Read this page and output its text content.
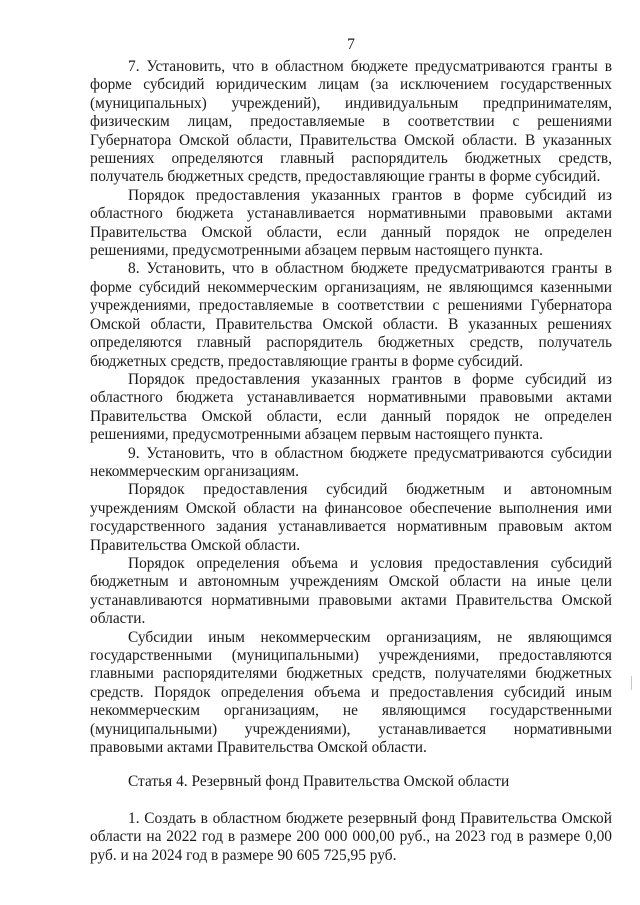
7

7. Установить, что в областном бюджете предусматриваются гранты в форме субсидий юридическим лицам (за исключением государственных (муниципальных) учреждений), индивидуальным предпринимателям, физическим лицам, предоставляемые в соответствии с решениями Губернатора Омской области, Правительства Омской области. В указанных решениях определяются главный распорядитель бюджетных средств, получатель бюджетных средств, предоставляющие гранты в форме субсидий.

Порядок предоставления указанных грантов в форме субсидий из областного бюджета устанавливается нормативными правовыми актами Правительства Омской области, если данный порядок не определен решениями, предусмотренными абзацем первым настоящего пункта.

8. Установить, что в областном бюджете предусматриваются гранты в форме субсидий некоммерческим организациям, не являющимся казенными учреждениями, предоставляемые в соответствии с решениями Губернатора Омской области, Правительства Омской области. В указанных решениях определяются главный распорядитель бюджетных средств, получатель бюджетных средств, предоставляющие гранты в форме субсидий.

Порядок предоставления указанных грантов в форме субсидий из областного бюджета устанавливается нормативными правовыми актами Правительства Омской области, если данный порядок не определен решениями, предусмотренными абзацем первым настоящего пункта.

9. Установить, что в областном бюджете предусматриваются субсидии некоммерческим организациям.

Порядок предоставления субсидий бюджетным и автономным учреждениям Омской области на финансовое обеспечение выполнения ими государственного задания устанавливается нормативным правовым актом Правительства Омской области.

Порядок определения объема и условия предоставления субсидий бюджетным и автономным учреждениям Омской области на иные цели устанавливаются нормативными правовыми актами Правительства Омской области.

Субсидии иным некоммерческим организациям, не являющимся государственными (муниципальными) учреждениями, предоставляются главными распорядителями бюджетных средств, получателями бюджетных средств. Порядок определения объема и предоставления субсидий иным некоммерческим организациям, не являющимся государственными (муниципальными) учреждениями), устанавливается нормативными правовыми актами Правительства Омской области.

Статья 4. Резервный фонд Правительства Омской области

1. Создать в областном бюджете резервный фонд Правительства Омской области на 2022 год в размере 200 000 000,00 руб., на 2023 год в размере 0,00 руб. и на 2024 год в размере 90 605 725,95 руб.
